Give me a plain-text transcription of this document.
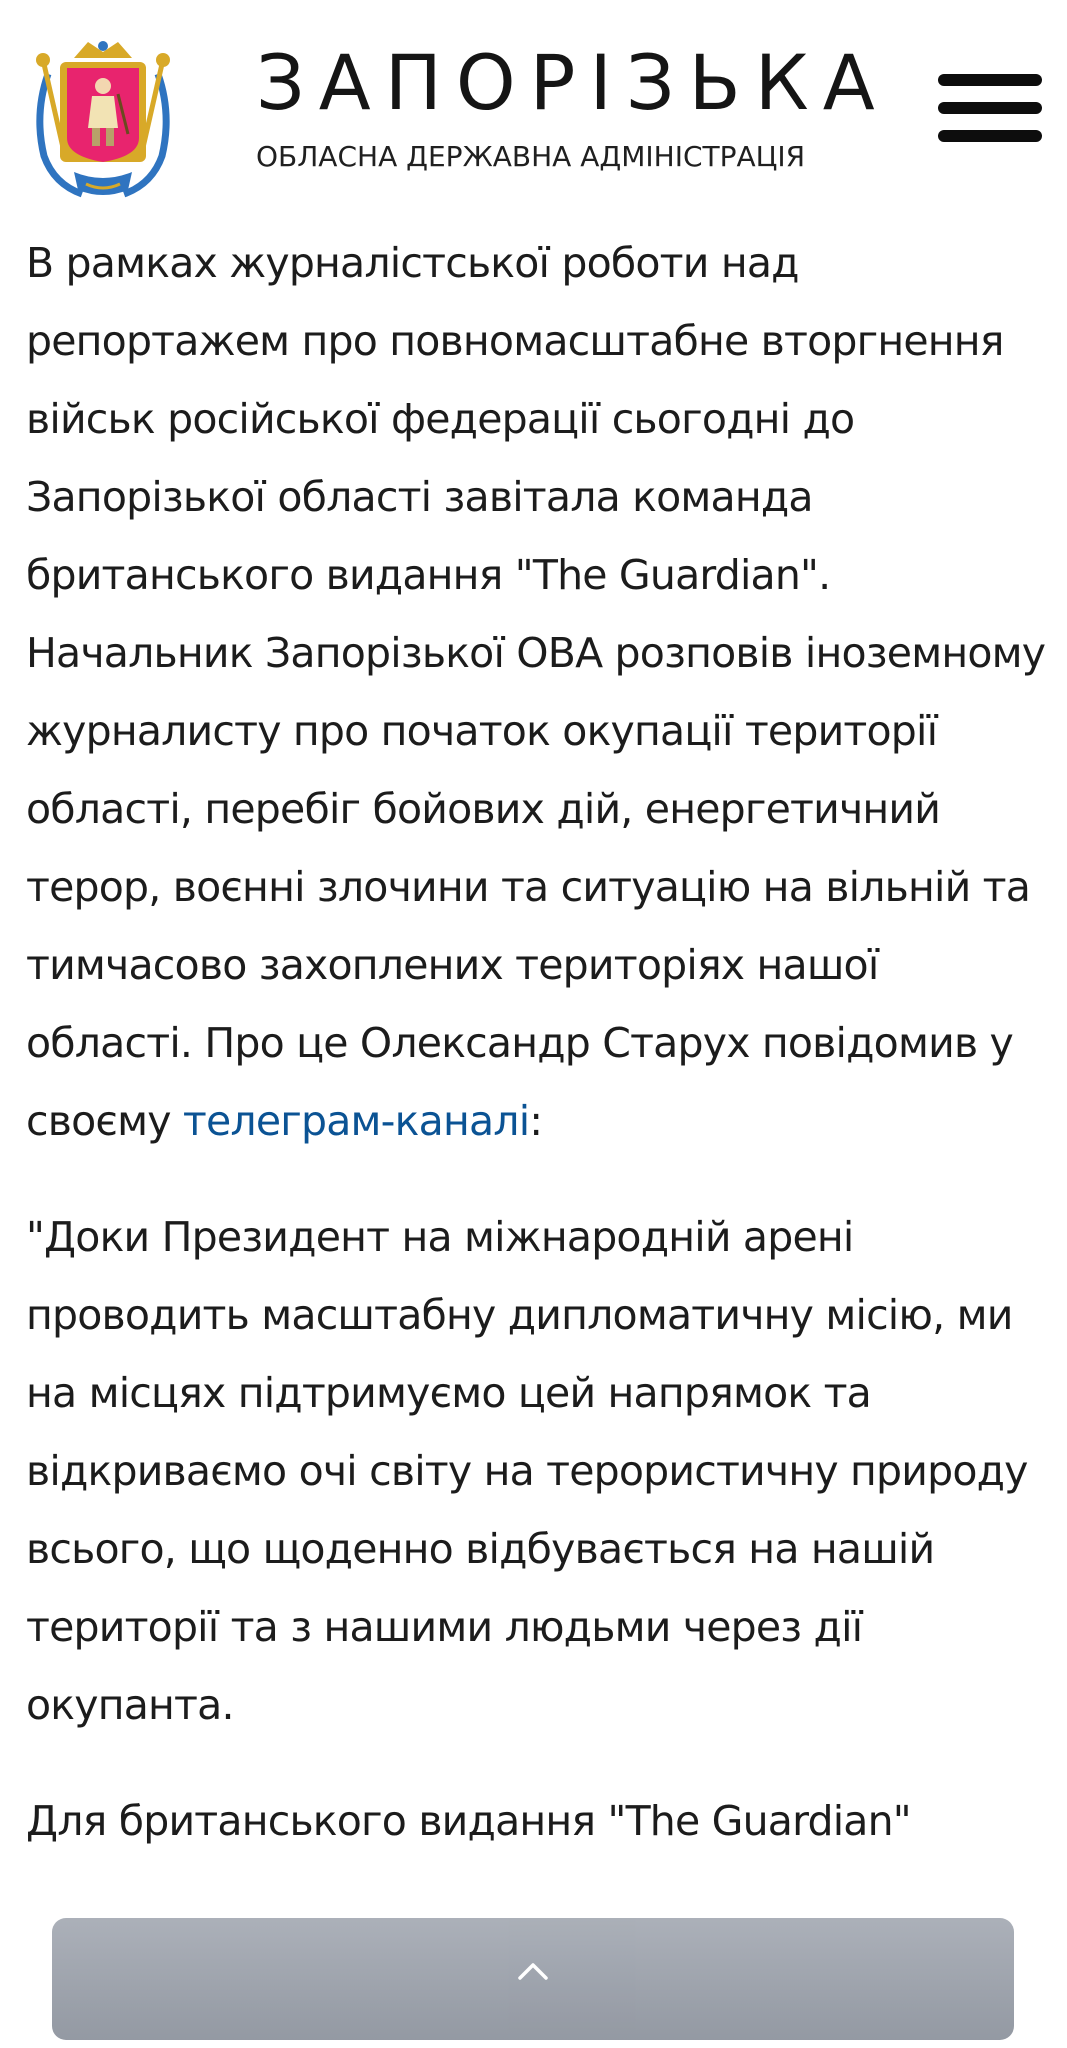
ЗАПОРІЗЬКА
ОБЛАСНА ДЕРЖАВНА АДМІНІСТРАЦІЯ

В рамках журналістської роботи над репортажем про повномасштабне вторгнення військ російської федерації сьогодні до Запорізької області завітала команда британського видання "The Guardian". Начальник Запорізької ОВА розповів іноземному журналисту про початок окупації території області, перебіг бойових дій, енергетичний терор, воєнні злочини та ситуацію на вільній та тимчасово захоплених територіях нашої області. Про це Олександр Старух повідомив у своєму телеграм-каналі:

"Доки Президент на міжнародній арені проводить масштабну дипломатичну місію, ми на місцях підтримуємо цей напрямок та відкриваємо очі світу на терористичну природу всього, що щоденно відбувається на нашій території та з нашими людьми через дії окупанта.

Для британського видання "The Guardian"
